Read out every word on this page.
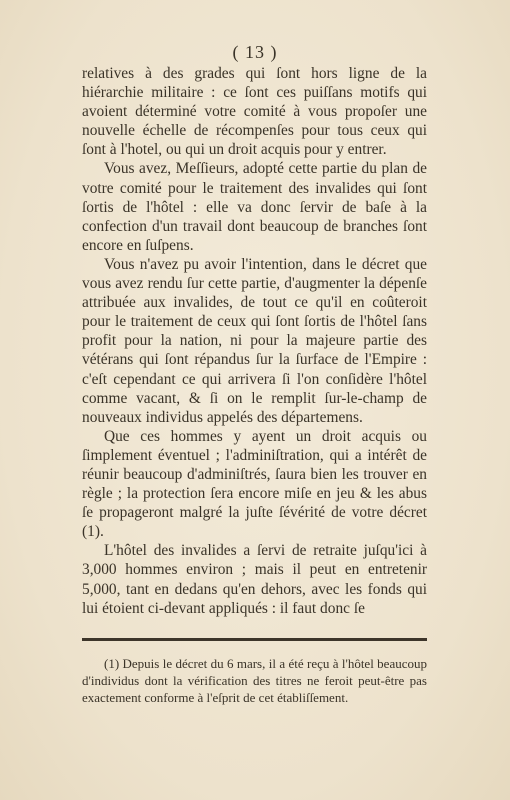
( 13 )

relatives à des grades qui ſont hors ligne de la hiérarchie militaire : ce ſont ces puiſſans motifs qui avoient déterminé votre comité à vous propoſer une nouvelle échelle de récompenſes pour tous ceux qui ſont à l'hotel, ou qui un droit acquis pour y entrer.

Vous avez, Meſſieurs, adopté cette partie du plan de votre comité pour le traitement des invalides qui ſont ſortis de l'hôtel : elle va donc ſervir de baſe à la confection d'un travail dont beaucoup de branches ſont encore en ſuſpens.

Vous n'avez pu avoir l'intention, dans le décret que vous avez rendu ſur cette partie, d'augmenter la dépenſe attribuée aux invalides, de tout ce qu'il en coûteroit pour le traitement de ceux qui ſont ſortis de l'hôtel ſans profit pour la nation, ni pour la majeure partie des vétérans qui ſont répandus ſur la ſurface de l'Empire : c'eſt cependant ce qui arrivera ſi l'on conſidère l'hôtel comme vacant, & ſi on le remplit ſur-le-champ de nouveaux individus appelés des départemens.

Que ces hommes y ayent un droit acquis ou ſimplement éventuel ; l'adminiſtration, qui a intérêt de réunir beaucoup d'adminiſtrés, ſaura bien les trouver en règle ; la protection ſera encore miſe en jeu & les abus ſe propageront malgré la juſte ſévérité de votre décret (1).

L'hôtel des invalides a ſervi de retraite juſqu'ici à 3,000 hommes environ ; mais il peut en entretenir 5,000, tant en dedans qu'en dehors, avec les fonds qui lui étoient ci-devant appliqués : il faut donc ſe

(1) Depuis le décret du 6 mars, il a été reçu à l'hôtel beaucoup d'individus dont la vérification des titres ne feroit peut-être pas exactement conforme à l'eſprit de cet établiſſement.
